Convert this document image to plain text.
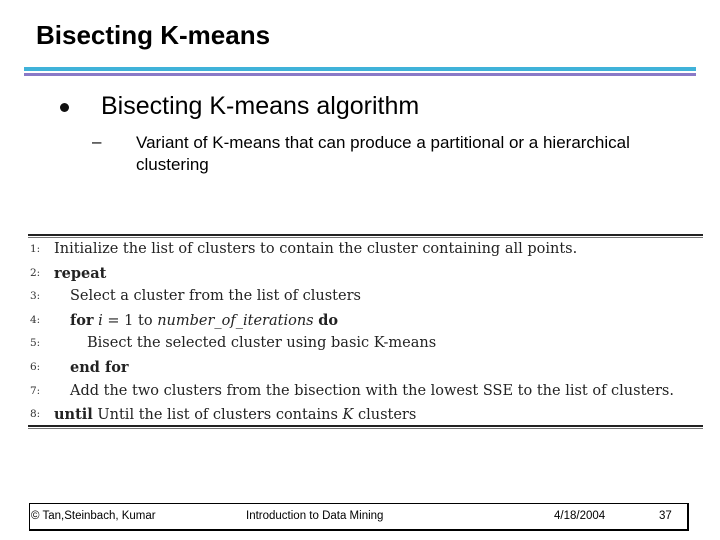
Bisecting K-means
Bisecting K-means algorithm
– Variant of K-means that can produce a partitional or a hierarchical clustering
1: Initialize the list of clusters to contain the cluster containing all points.
2: repeat
3:	Select a cluster from the list of clusters
4:	for i = 1 to number_of_iterations do
5:	Bisect the selected cluster using basic K-means
6:	end for
7:	Add the two clusters from the bisection with the lowest SSE to the list of clusters.
8: until Until the list of clusters contains K clusters
© Tan,Steinbach, Kumar	Introduction to Data Mining	4/18/2004	37
